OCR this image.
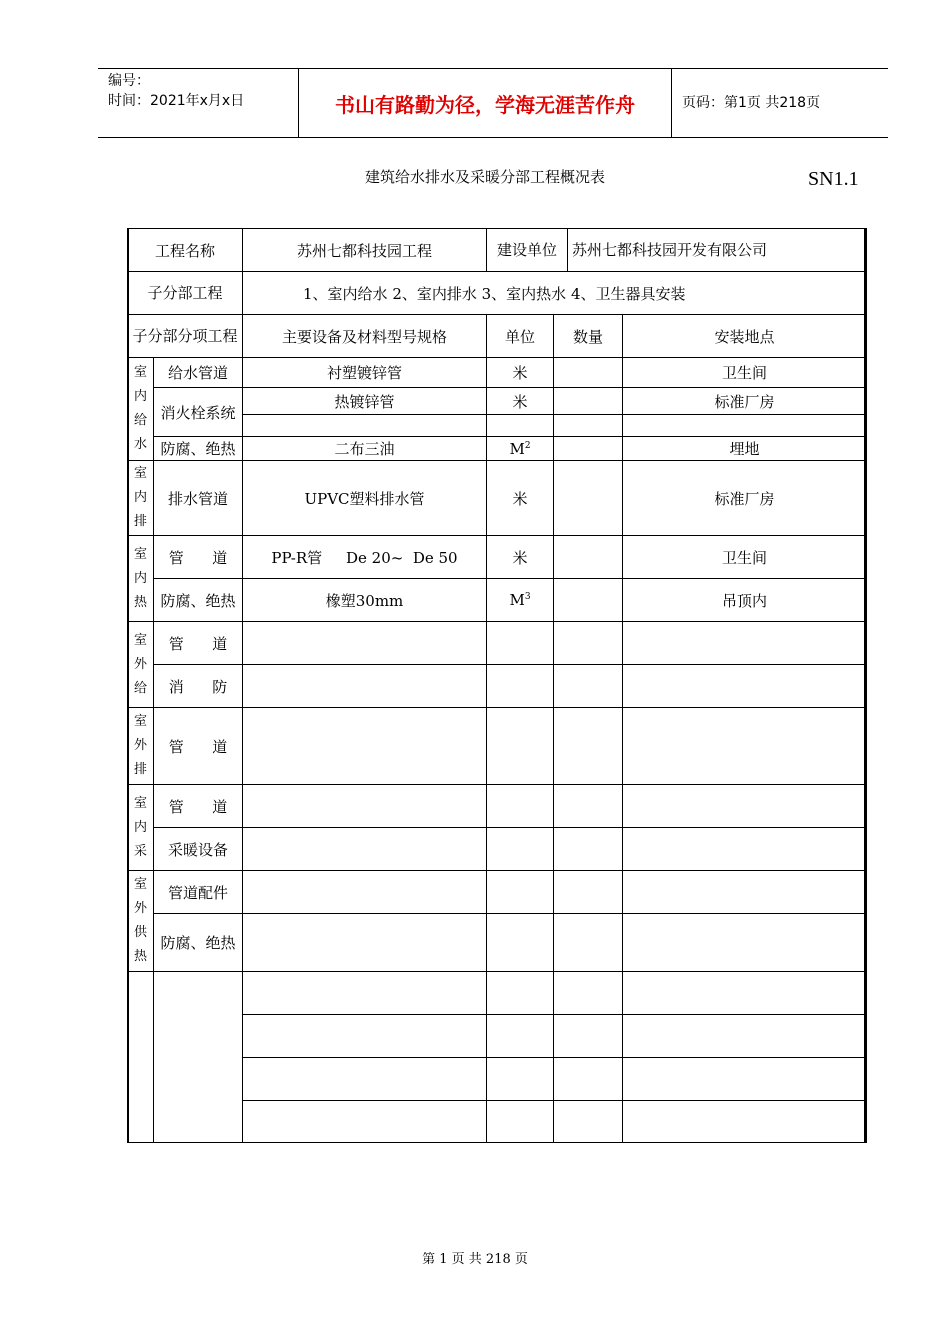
编号：
时间：2021年x月x日	书山有路勤为径，学海无涯苦作舟	页码：第1页 共218页
建筑给水排水及采暖分部工程概况表	SN1.1
工程名称		苏州七都科技园工程	建设单位 苏州七都科技园开发有限公司		
子分部工程		1、室内给水 2、室内排水 3、室内热水 4、卫生器具安装			
子分部分项工程		主要设备及材料型号规格	单位	数量	安装地点
室内给水	给水管道	衬塑镀锌管	米		卫生间
	消火栓系统	热镀锌管	米		标准厂房

	防腐、绝热	二布三油	$M^2$		埋地
室内排	排水管道	UPVC塑料排水管	米		标准厂房
室内热	管      道	PP-R管     De 20~  De 50	米		卫生间
	防腐、绝热	橡塑30mm	$M^3$		吊顶内
室外给	管      道				
	消      防				
室外排	管      道				
室内采	管      道				
	采暖设备				
室外供热	管道配件				
	防腐、绝热				

第 1 页 共 218 页
